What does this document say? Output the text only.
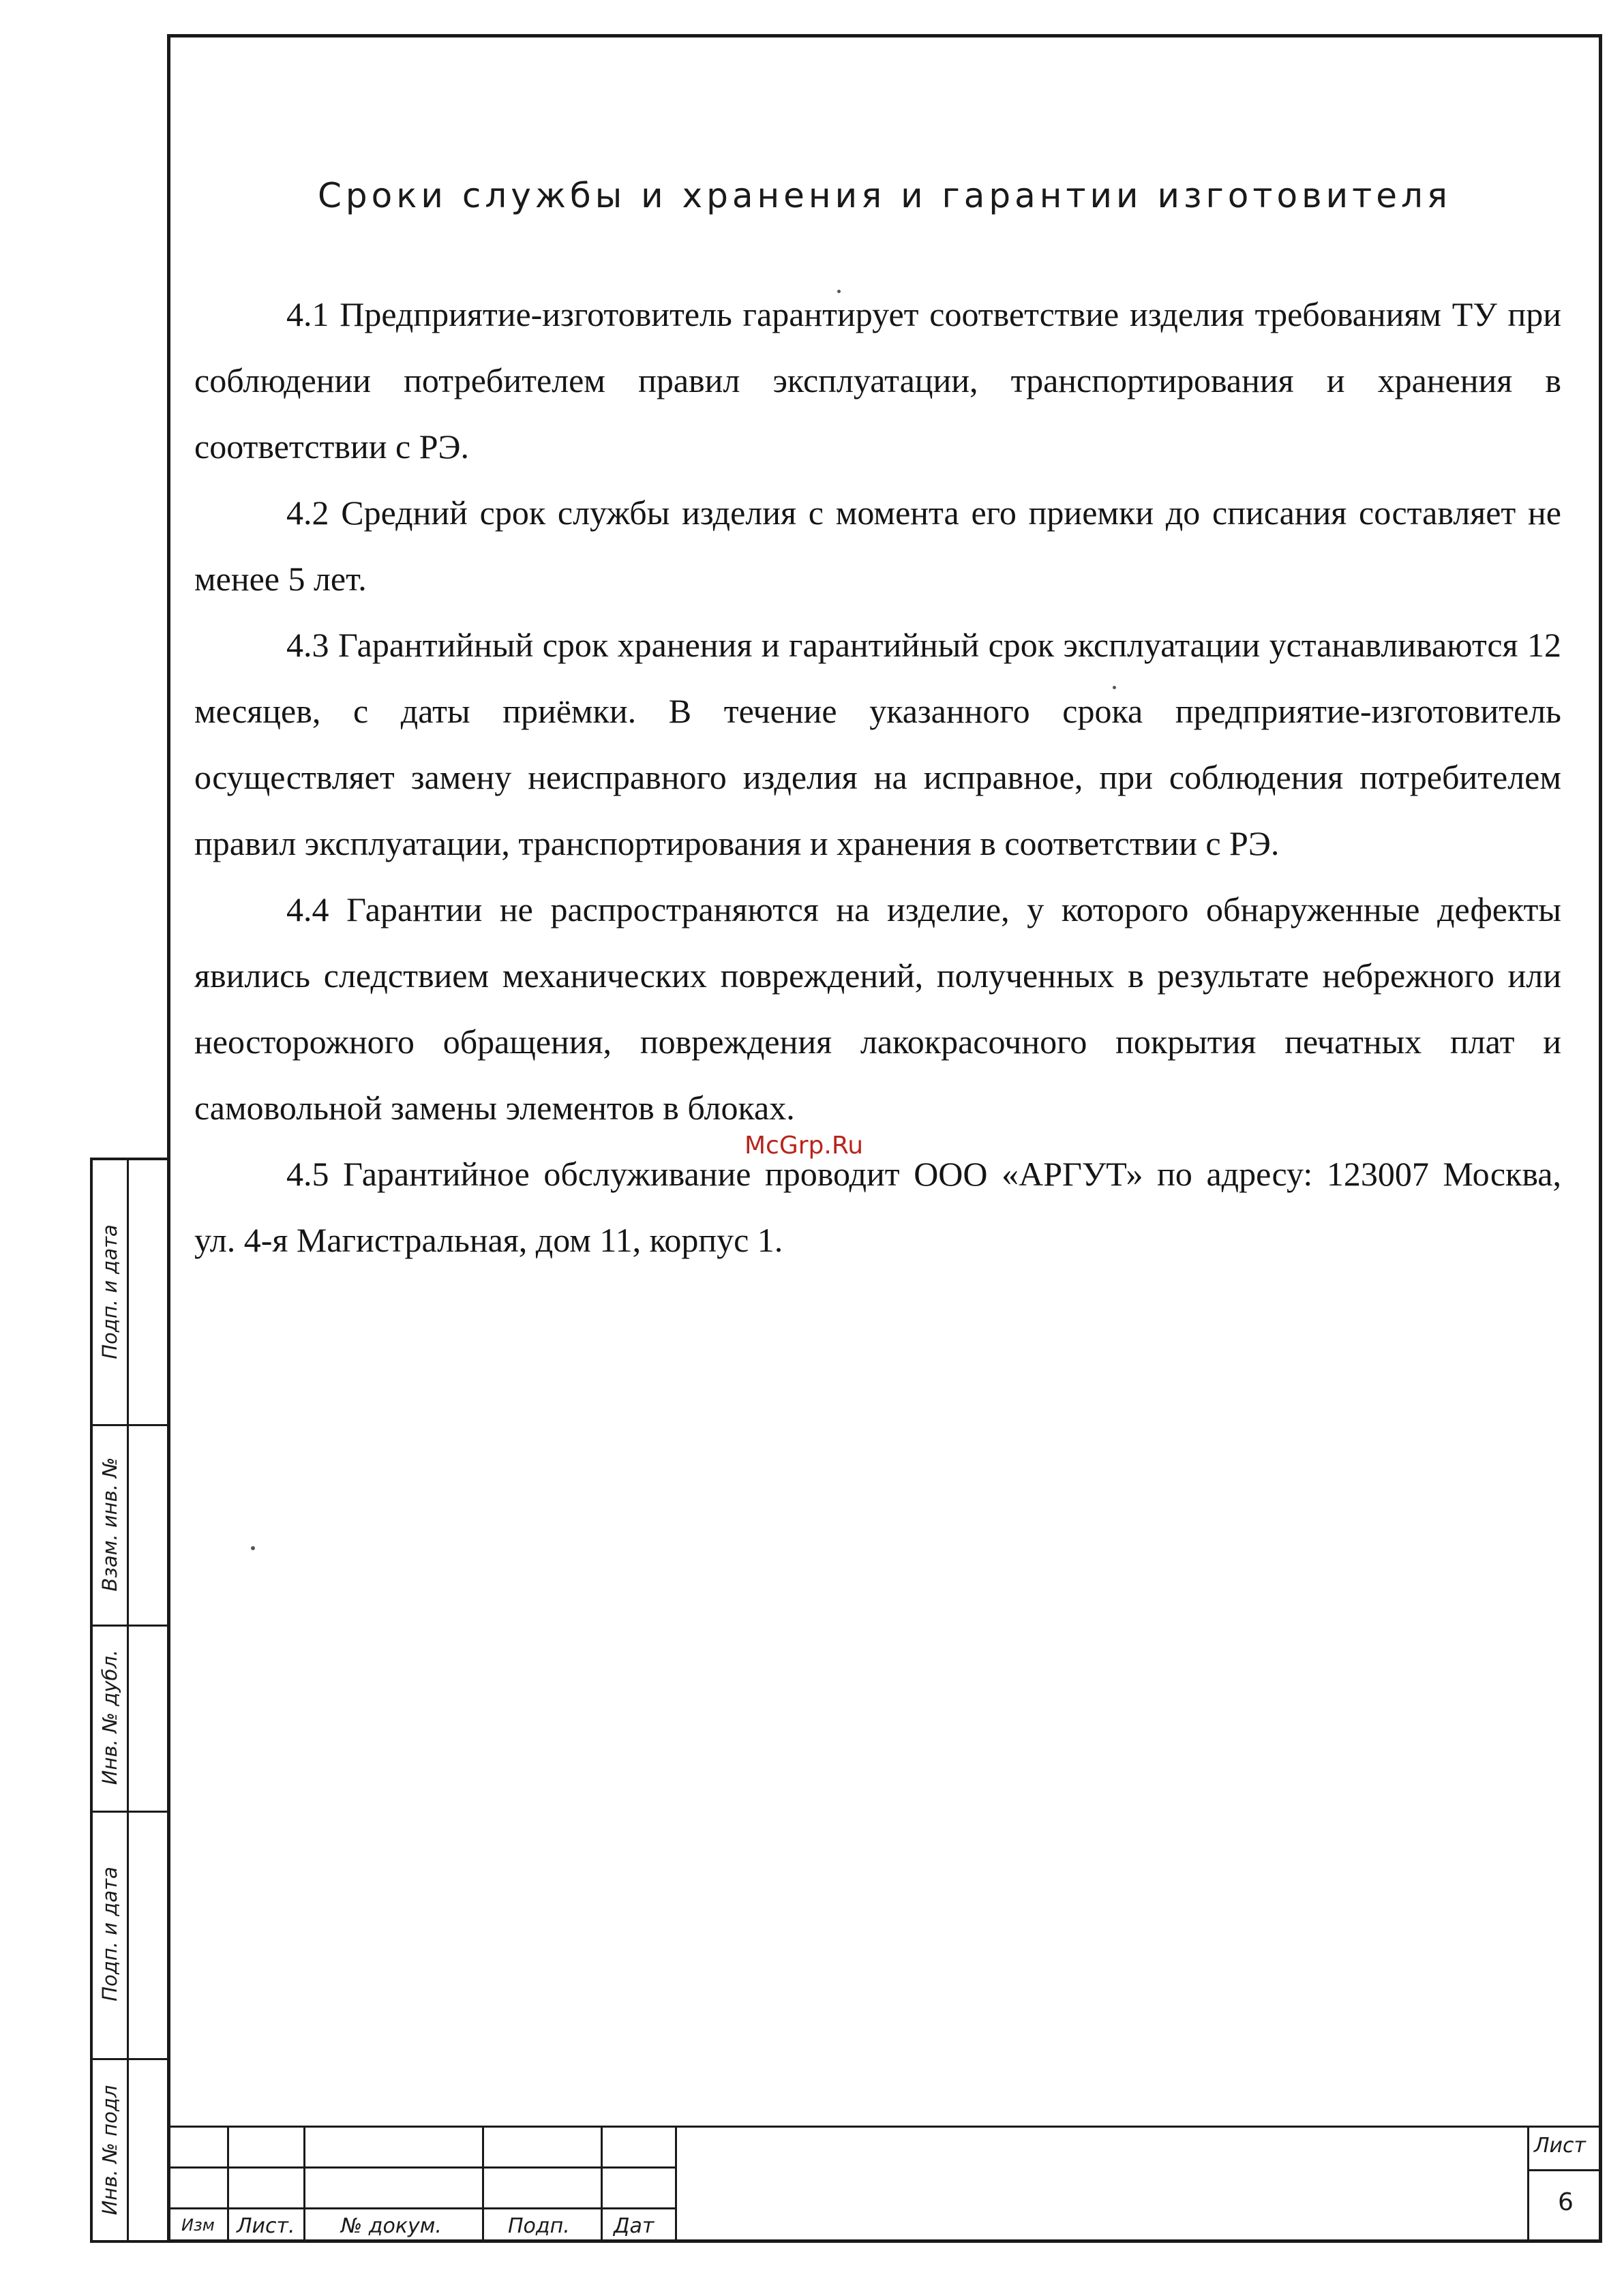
Сроки службы и хранения и гарантии изготовителя

4.1 Предприятие-изготовитель гарантирует соответствие изделия требованиям ТУ при соблюдении потребителем правил эксплуатации, транспортирования и хранения в соответствии с РЭ.

4.2 Средний срок службы изделия с момента его приемки до списания составляет не менее 5 лет.

4.3 Гарантийный срок хранения и гарантийный срок эксплуатации устанавливаются 12 месяцев, с даты приёмки. В течение указанного срока предприятие-изготовитель осуществляет замену неисправного изделия на исправное, при соблюдения потребителем правил эксплуатации, транспортирования и хранения в соответствии с РЭ.

4.4 Гарантии не распространяются на изделие, у которого обнаруженные дефекты явились следствием механических повреждений, полученных в результате небрежного или неосторожного обращения, повреждения лакокрасочного покрытия печатных плат и самовольной замены элементов в блоках.

4.5 Гарантийное обслуживание проводит ООО «АРГУТ» по адресу: 123007 Москва, ул. 4-я Магистральная, дом 11, корпус 1.

McGrp.Ru
Подп. и дата
Взам. инв. №
Инв. № дубл.
Подп. и дата
Инв. № подл
Изм Лист. № докум.	Подп. Дат
Лист
6
